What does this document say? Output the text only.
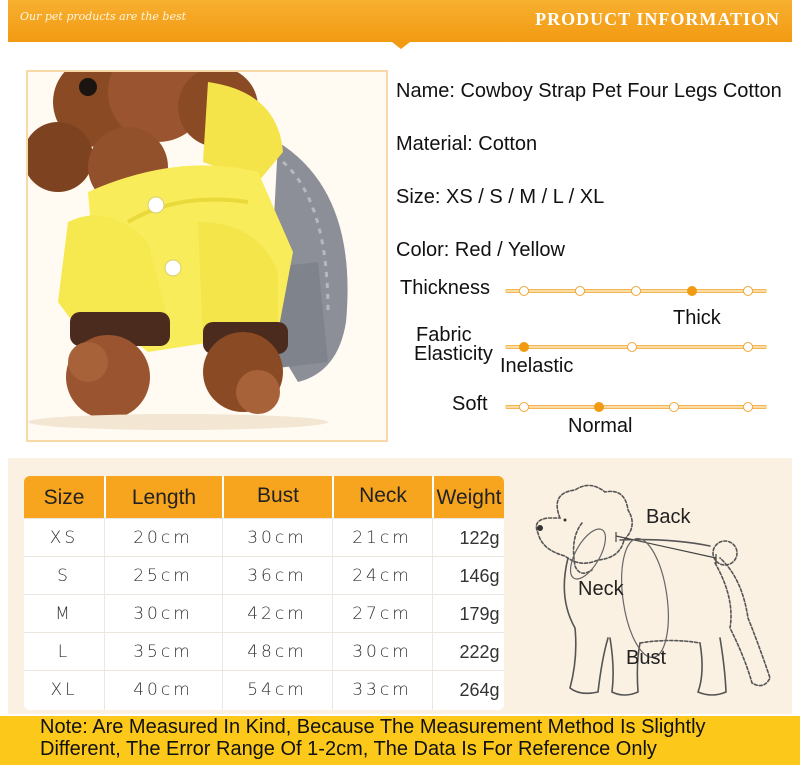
Our pet products are the best	PRODUCT INFORMATION
Name: Cowboy Strap Pet Four Legs Cotton
Material: Cotton
Size: XS / S / M / L / XL
Color: Red / Yellow
Thickness
Thick
Fabric
Elasticity
Inelastic
Soft
Normal
Size	Length	Bust	Neck	Weight
XS	20cm	30cm	21cm	122g
S	25cm	36cm	24cm	146g
M	30cm	42cm	27cm	179g
L	35cm	48cm	30cm	222g
XL	40cm	54cm	33cm	264g
Back
Neck
Bust
Note: Are Measured In Kind, Because The Measurement Method Is Slightly
Different, The Error Range Of 1-2cm, The Data Is For Reference Only
